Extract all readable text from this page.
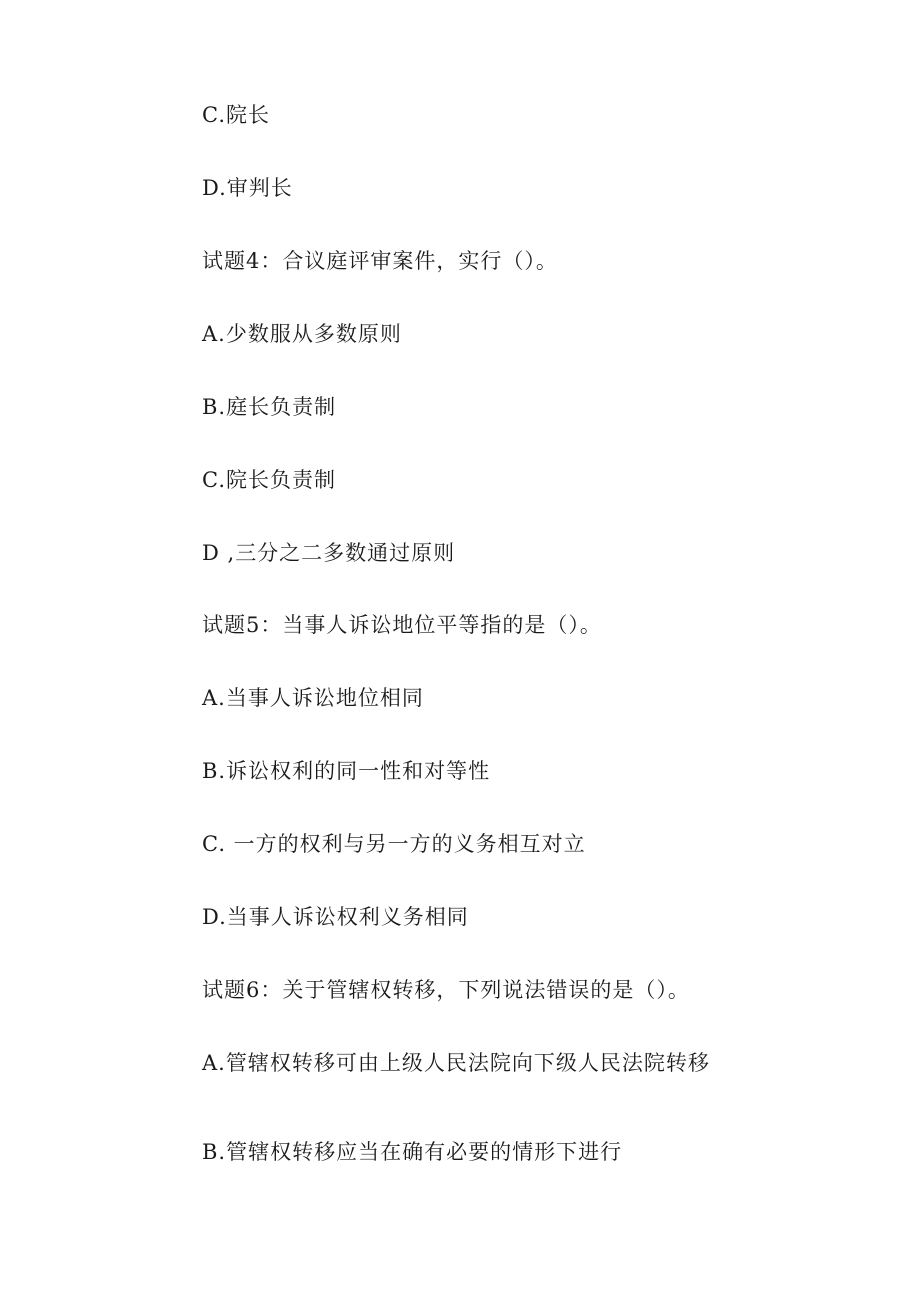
C.院长
D.审判长
试题4：合议庭评审案件，实行（）。
A.少数服从多数原则
B.庭长负责制
C.院长负责制
D ,三分之二多数通过原则
试题5：当事人诉讼地位平等指的是（）。
A.当事人诉讼地位相同
B.诉讼权利的同一性和对等性
C. 一方的权利与另一方的义务相互对立
D.当事人诉讼权利义务相同
试题6：关于管辖权转移，下列说法错误的是（）。
A.管辖权转移可由上级人民法院向下级人民法院转移
B.管辖权转移应当在确有必要的情形下进行
